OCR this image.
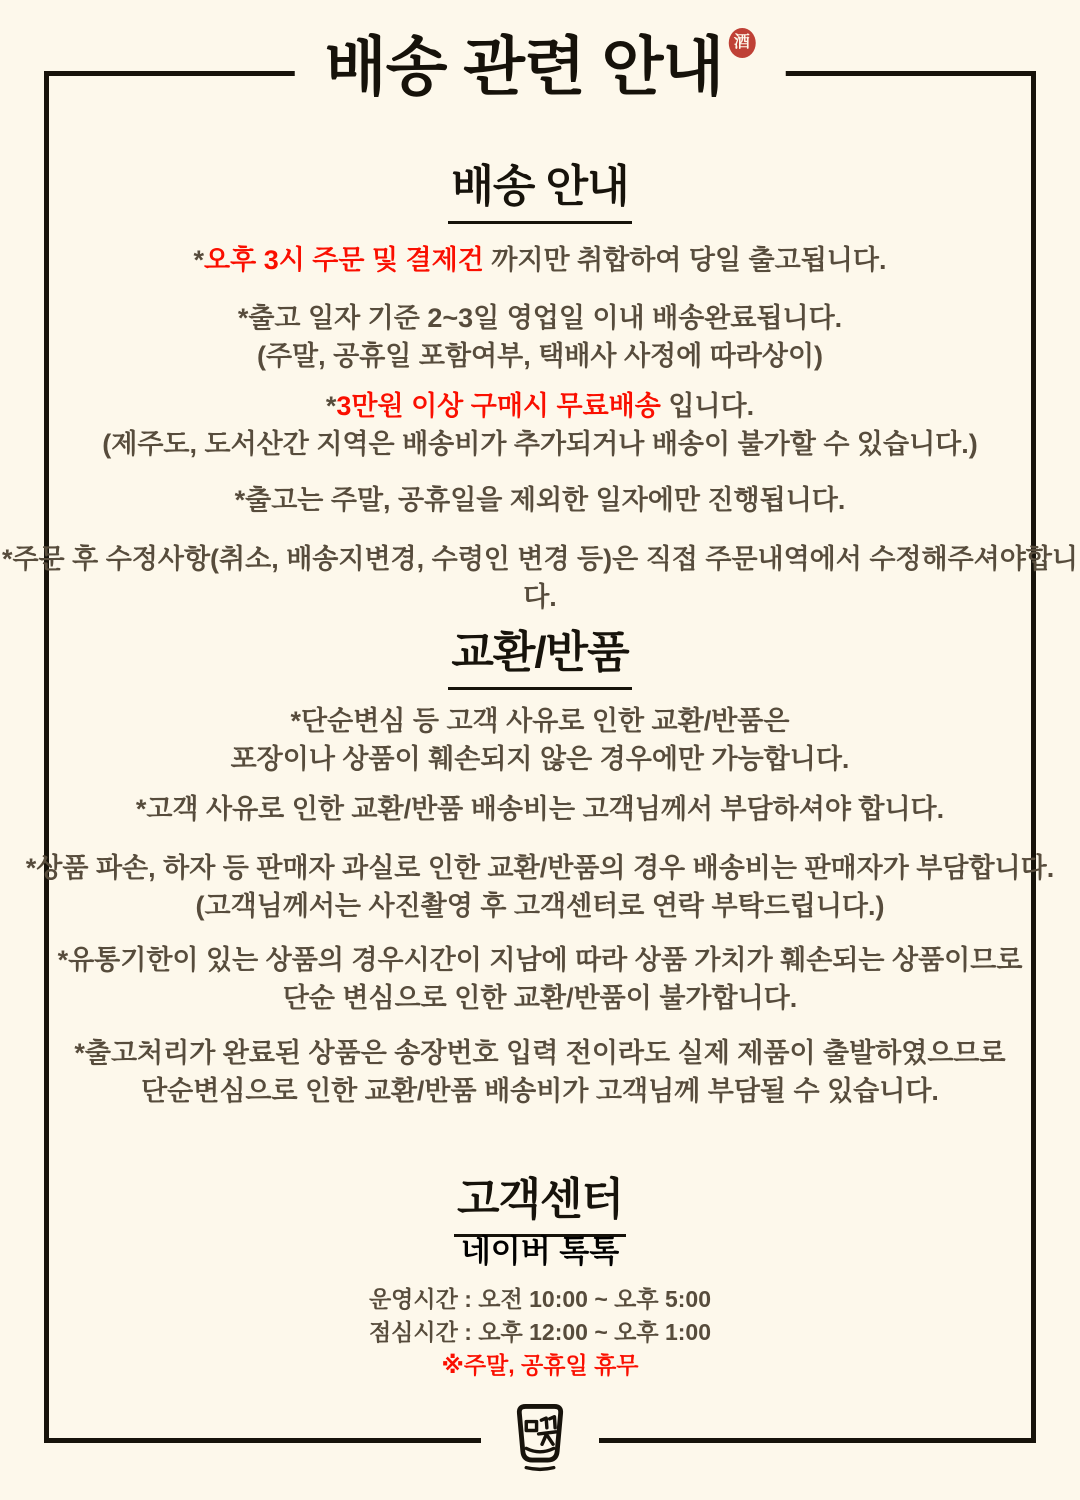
배송 관련 안내 酒
배송 안내

*오후 3시 주문 및 결제건 까지만 취합하여 당일 출고됩니다.

*출고 일자 기준 2~3일 영업일 이내 배송완료됩니다.
(주말, 공휴일 포함여부, 택배사 사정에 따라상이)

*3만원 이상 구매시 무료배송 입니다.
(제주도, 도서산간 지역은 배송비가 추가되거나 배송이 불가할 수 있습니다.)

*출고는 주말, 공휴일을 제외한 일자에만 진행됩니다.

*주문 후 수정사항(취소, 배송지변경, 수령인 변경 등)은 직접 주문내역에서 수정해주셔야합니다.

교환/반품

*단순변심 등 고객 사유로 인한 교환/반품은
포장이나 상품이 훼손되지 않은 경우에만 가능합니다.

*고객 사유로 인한 교환/반품 배송비는 고객님께서 부담하셔야 합니다.

*상품 파손, 하자 등 판매자 과실로 인한 교환/반품의 경우 배송비는 판매자가 부담합니다.
(고객님께서는 사진촬영 후 고객센터로 연락 부탁드립니다.)

*유통기한이 있는 상품의 경우시간이 지남에 따라 상품 가치가 훼손되는 상품이므로
단순 변심으로 인한 교환/반품이 불가합니다.

*출고처리가 완료된 상품은 송장번호 입력 전이라도 실제 제품이 출발하였으므로
단순변심으로 인한 교환/반품 배송비가 고객님께 부담될 수 있습니다.

고객센터
네이버 톡톡
운영시간 : 오전 10:00 ~ 오후 5:00
점심시간 : 오후 12:00 ~ 오후 1:00
※주말, 공휴일 휴무
